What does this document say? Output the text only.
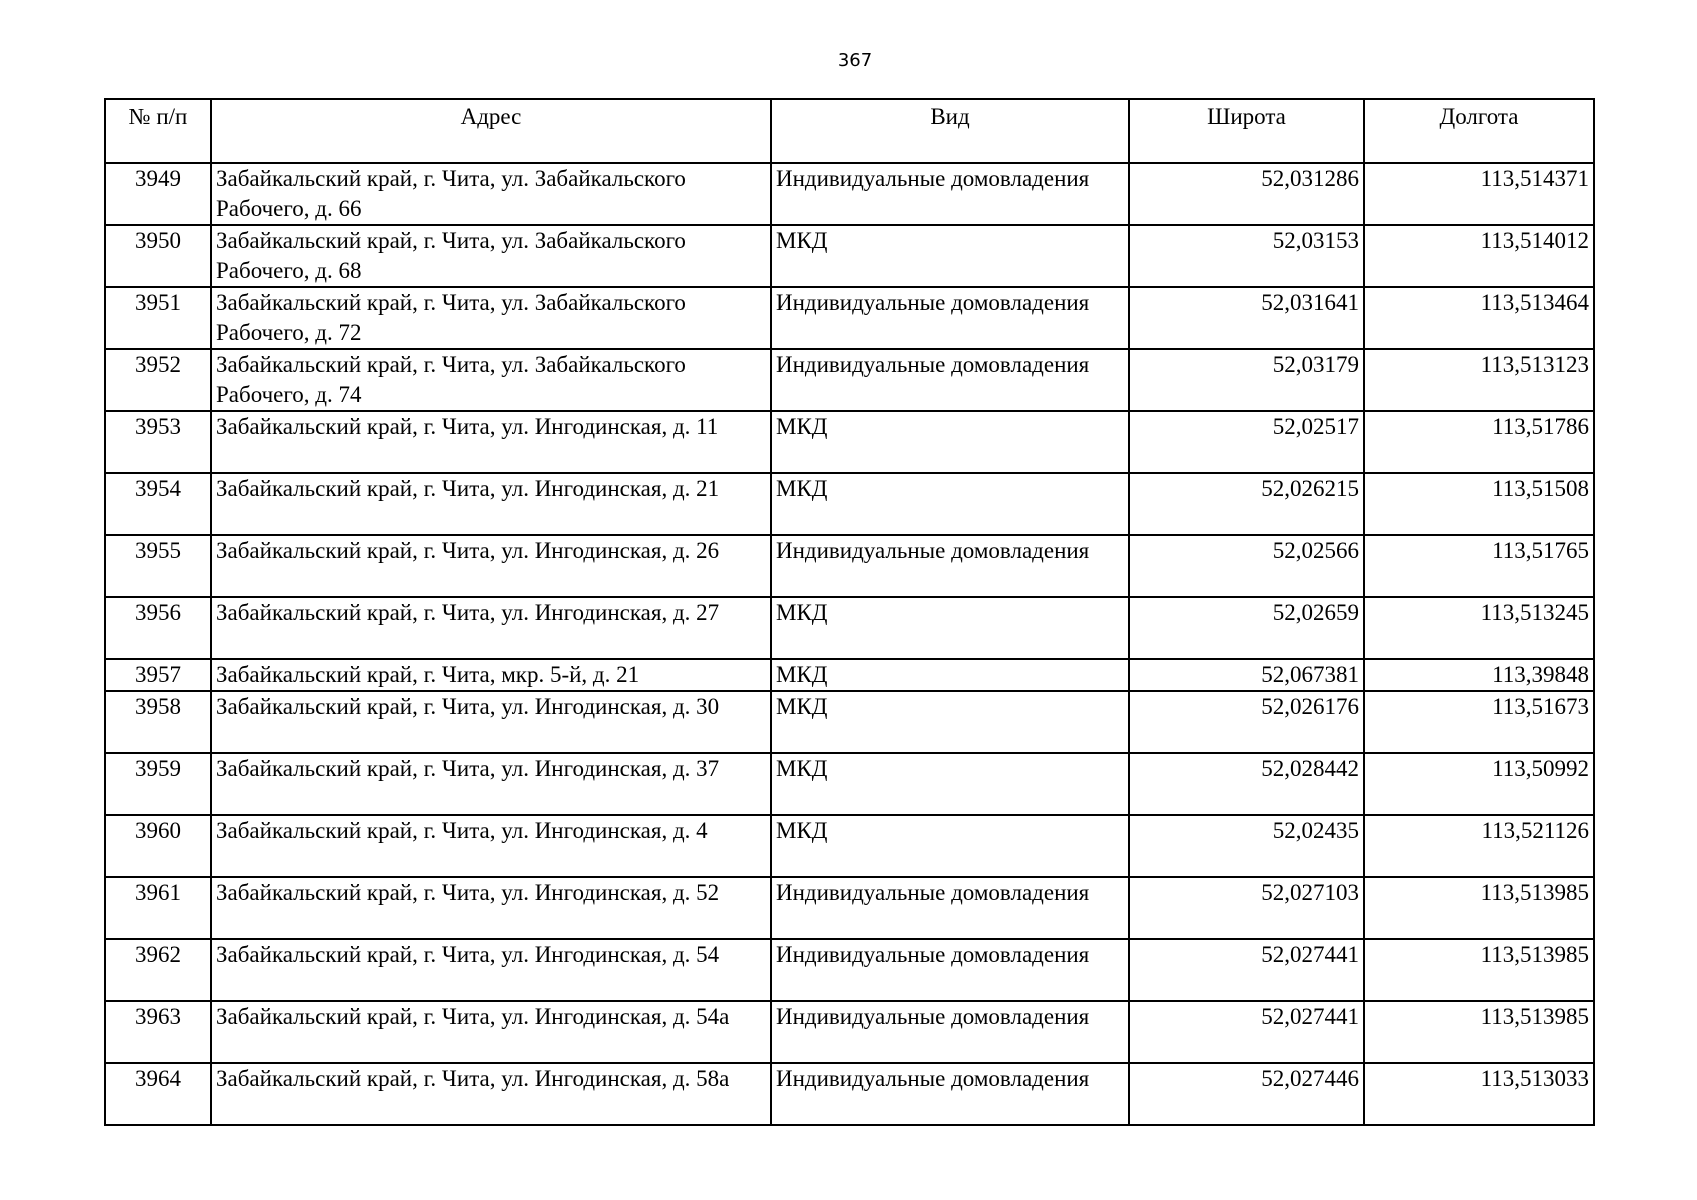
367
№ п/п	Адрес	Вид	Широта	Долгота
3949	Забайкальский край, г. Чита, ул. Забайкальского Рабочего, д. 66	Индивидуальные домовладения	52,031286	113,514371
3950	Забайкальский край, г. Чита, ул. Забайкальского Рабочего, д. 68	МКД	52,03153	113,514012
3951	Забайкальский край, г. Чита, ул. Забайкальского Рабочего, д. 72	Индивидуальные домовладения	52,031641	113,513464
3952	Забайкальский край, г. Чита, ул. Забайкальского Рабочего, д. 74	Индивидуальные домовладения	52,03179	113,513123
3953	Забайкальский край, г. Чита, ул. Ингодинская, д. 11	МКД	52,02517	113,51786
3954	Забайкальский край, г. Чита, ул. Ингодинская, д. 21	МКД	52,026215	113,51508
3955	Забайкальский край, г. Чита, ул. Ингодинская, д. 26	Индивидуальные домовладения	52,02566	113,51765
3956	Забайкальский край, г. Чита, ул. Ингодинская, д. 27	МКД	52,02659	113,513245
3957	Забайкальский край, г. Чита, мкр. 5-й, д. 21	МКД	52,067381	113,39848
3958	Забайкальский край, г. Чита, ул. Ингодинская, д. 30	МКД	52,026176	113,51673
3959	Забайкальский край, г. Чита, ул. Ингодинская, д. 37	МКД	52,028442	113,50992
3960	Забайкальский край, г. Чита, ул. Ингодинская, д. 4	МКД	52,02435	113,521126
3961	Забайкальский край, г. Чита, ул. Ингодинская, д. 52	Индивидуальные домовладения	52,027103	113,513985
3962	Забайкальский край, г. Чита, ул. Ингодинская, д. 54	Индивидуальные домовладения	52,027441	113,513985
3963	Забайкальский край, г. Чита, ул. Ингодинская, д. 54а	Индивидуальные домовладения	52,027441	113,513985
3964	Забайкальский край, г. Чита, ул. Ингодинская, д. 58а	Индивидуальные домовладения	52,027446	113,513033
